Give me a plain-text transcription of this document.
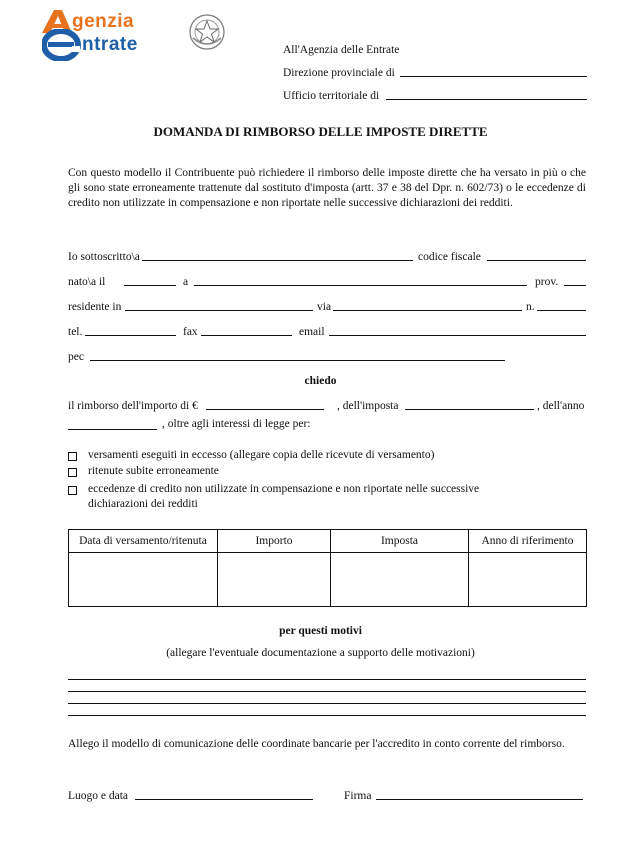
genzia
ntrate	All'Agenzia delle Entrate
Direzione provinciale di
Ufficio territoriale di
DOMANDA DI RIMBORSO DELLE IMPOSTE DIRETTE
Con questo modello il Contribuente può richiedere il rimborso delle imposte dirette che ha versato in più o che gli sono state erroneamente trattenute dal sostituto d'imposta (artt. 37 e 38 del Dpr. n. 602/73) o le eccedenze di credito non utilizzate in compensazione e non riportate nelle successive dichiarazioni dei redditi.
Io sottoscritto\a	codice fiscale
nato\a il	a	prov.
residente in	via	n.
tel.	fax	email
pec
chiedo
il rimborso dell'importo di €	, dell'imposta	, dell'anno
, oltre agli interessi di legge per:
versamenti eseguiti in eccesso (allegare copia delle ricevute di versamento)
ritenute subite erroneamente
eccedenze di credito non utilizzate in compensazione e non riportate nelle successive
dichiarazioni dei redditi
Data di versamento/ritenuta	Importo	Imposta	Anno di riferimento

per questi motivi
(allegare l'eventuale documentazione a supporto delle motivazioni)
Allego il modello di comunicazione delle coordinate bancarie per l'accredito in conto corrente del rimborso.
Luogo e data	Firma
